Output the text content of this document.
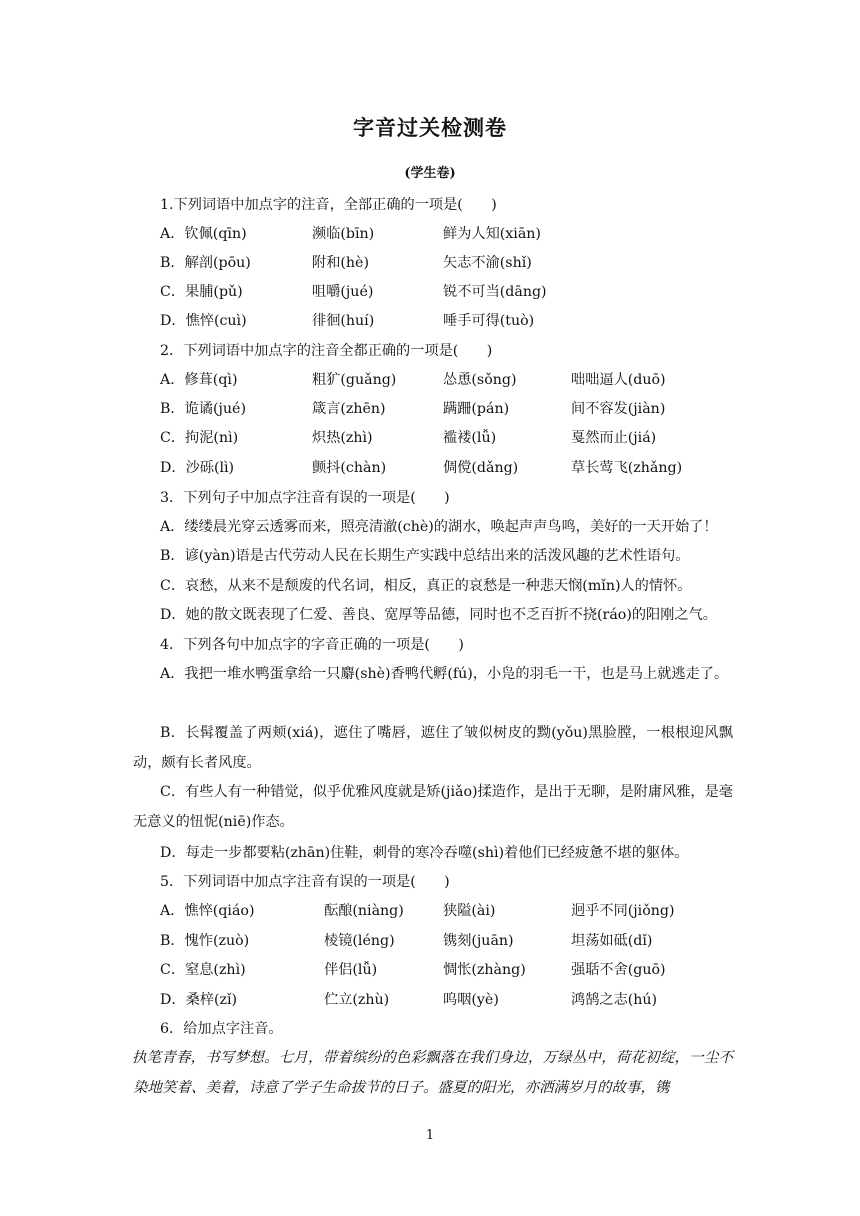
字音过关检测卷
(学生卷)
1.下列词语中加点字的注音，全部正确的一项是(　　)
A．钦佩(qīn)	濒临(bīn)	鲜为人知(xiān)
B．解剖(pōu)	附和(hè)	矢志不渝(shǐ)
C．果脯(pǔ)	咀嚼(jué)	锐不可当(dāng)
D．憔悴(cuì)	徘徊(huí)	唾手可得(tuò)
2．下列词语中加点字的注音全都正确的一项是(　　)
A．修葺(qì)	粗犷(guǎng)	怂恿(sǒng)	咄咄逼人(duō)
B．诡谲(jué)	箴言(zhēn)	蹒跚(pán)	间不容发(jiàn)
C．拘泥(nì)	炽热(zhì)	褴褛(lǚ)	戛然而止(jiá)
D．沙砾(lì)	颤抖(chàn)	倜傥(dǎng)	草长莺飞(zhǎng)
3．下列句子中加点字注音有误的一项是(　　)
A．缕缕晨光穿云透雾而来，照亮清澈(chè)的湖水，唤起声声鸟鸣，美好的一天开始了！
B．谚(yàn)语是古代劳动人民在长期生产实践中总结出来的活泼风趣的艺术性语句。
C．哀愁，从来不是颓废的代名词，相反，真正的哀愁是一种悲天悯(mǐn)人的情怀。
D．她的散文既表现了仁爱、善良、宽厚等品德，同时也不乏百折不挠(ráo)的阳刚之气。
4．下列各句中加点字的字音正确的一项是(　　)
A．我把一堆水鸭蛋拿给一只麝(shè)香鸭代孵(fú)，小凫的羽毛一干，也是马上就逃走了。
B．长髯覆盖了两颊(xiá)，遮住了嘴唇，遮住了皱似树皮的黝(yǒu)黑脸膛，一根根迎风飘动，颇有长者风度。
C．有些人有一种错觉，似乎优雅风度就是矫(jiǎo)揉造作，是出于无聊，是附庸风雅，是毫无意义的忸怩(niē)作态。
D．每走一步都要粘(zhān)住鞋，刺骨的寒冷吞噬(shì)着他们已经疲惫不堪的躯体。
5．下列词语中加点字注音有误的一项是(　　)
A．憔悴(qiáo)	酝酿(niàng)	狭隘(ài)	迥乎不同(jiǒng)
B．愧怍(zuò)	棱镜(léng)	镌刻(juān)	坦荡如砥(dǐ)
C．窒息(zhì)	伴侣(lǚ)	惆怅(zhàng)	强聒不舍(guō)
D．桑梓(zǐ)	伫立(zhù)	呜咽(yè)	鸿鹄之志(hú)
6．给加点字注音。
执笔青春，书写梦想。七月，带着缤纷的色彩飘落在我们身边，万绿丛中，荷花初绽，一尘不染地笑着、美着，诗意了学子生命拔节的日子。盛夏的阳光，亦洒满岁月的故事，镌
1
